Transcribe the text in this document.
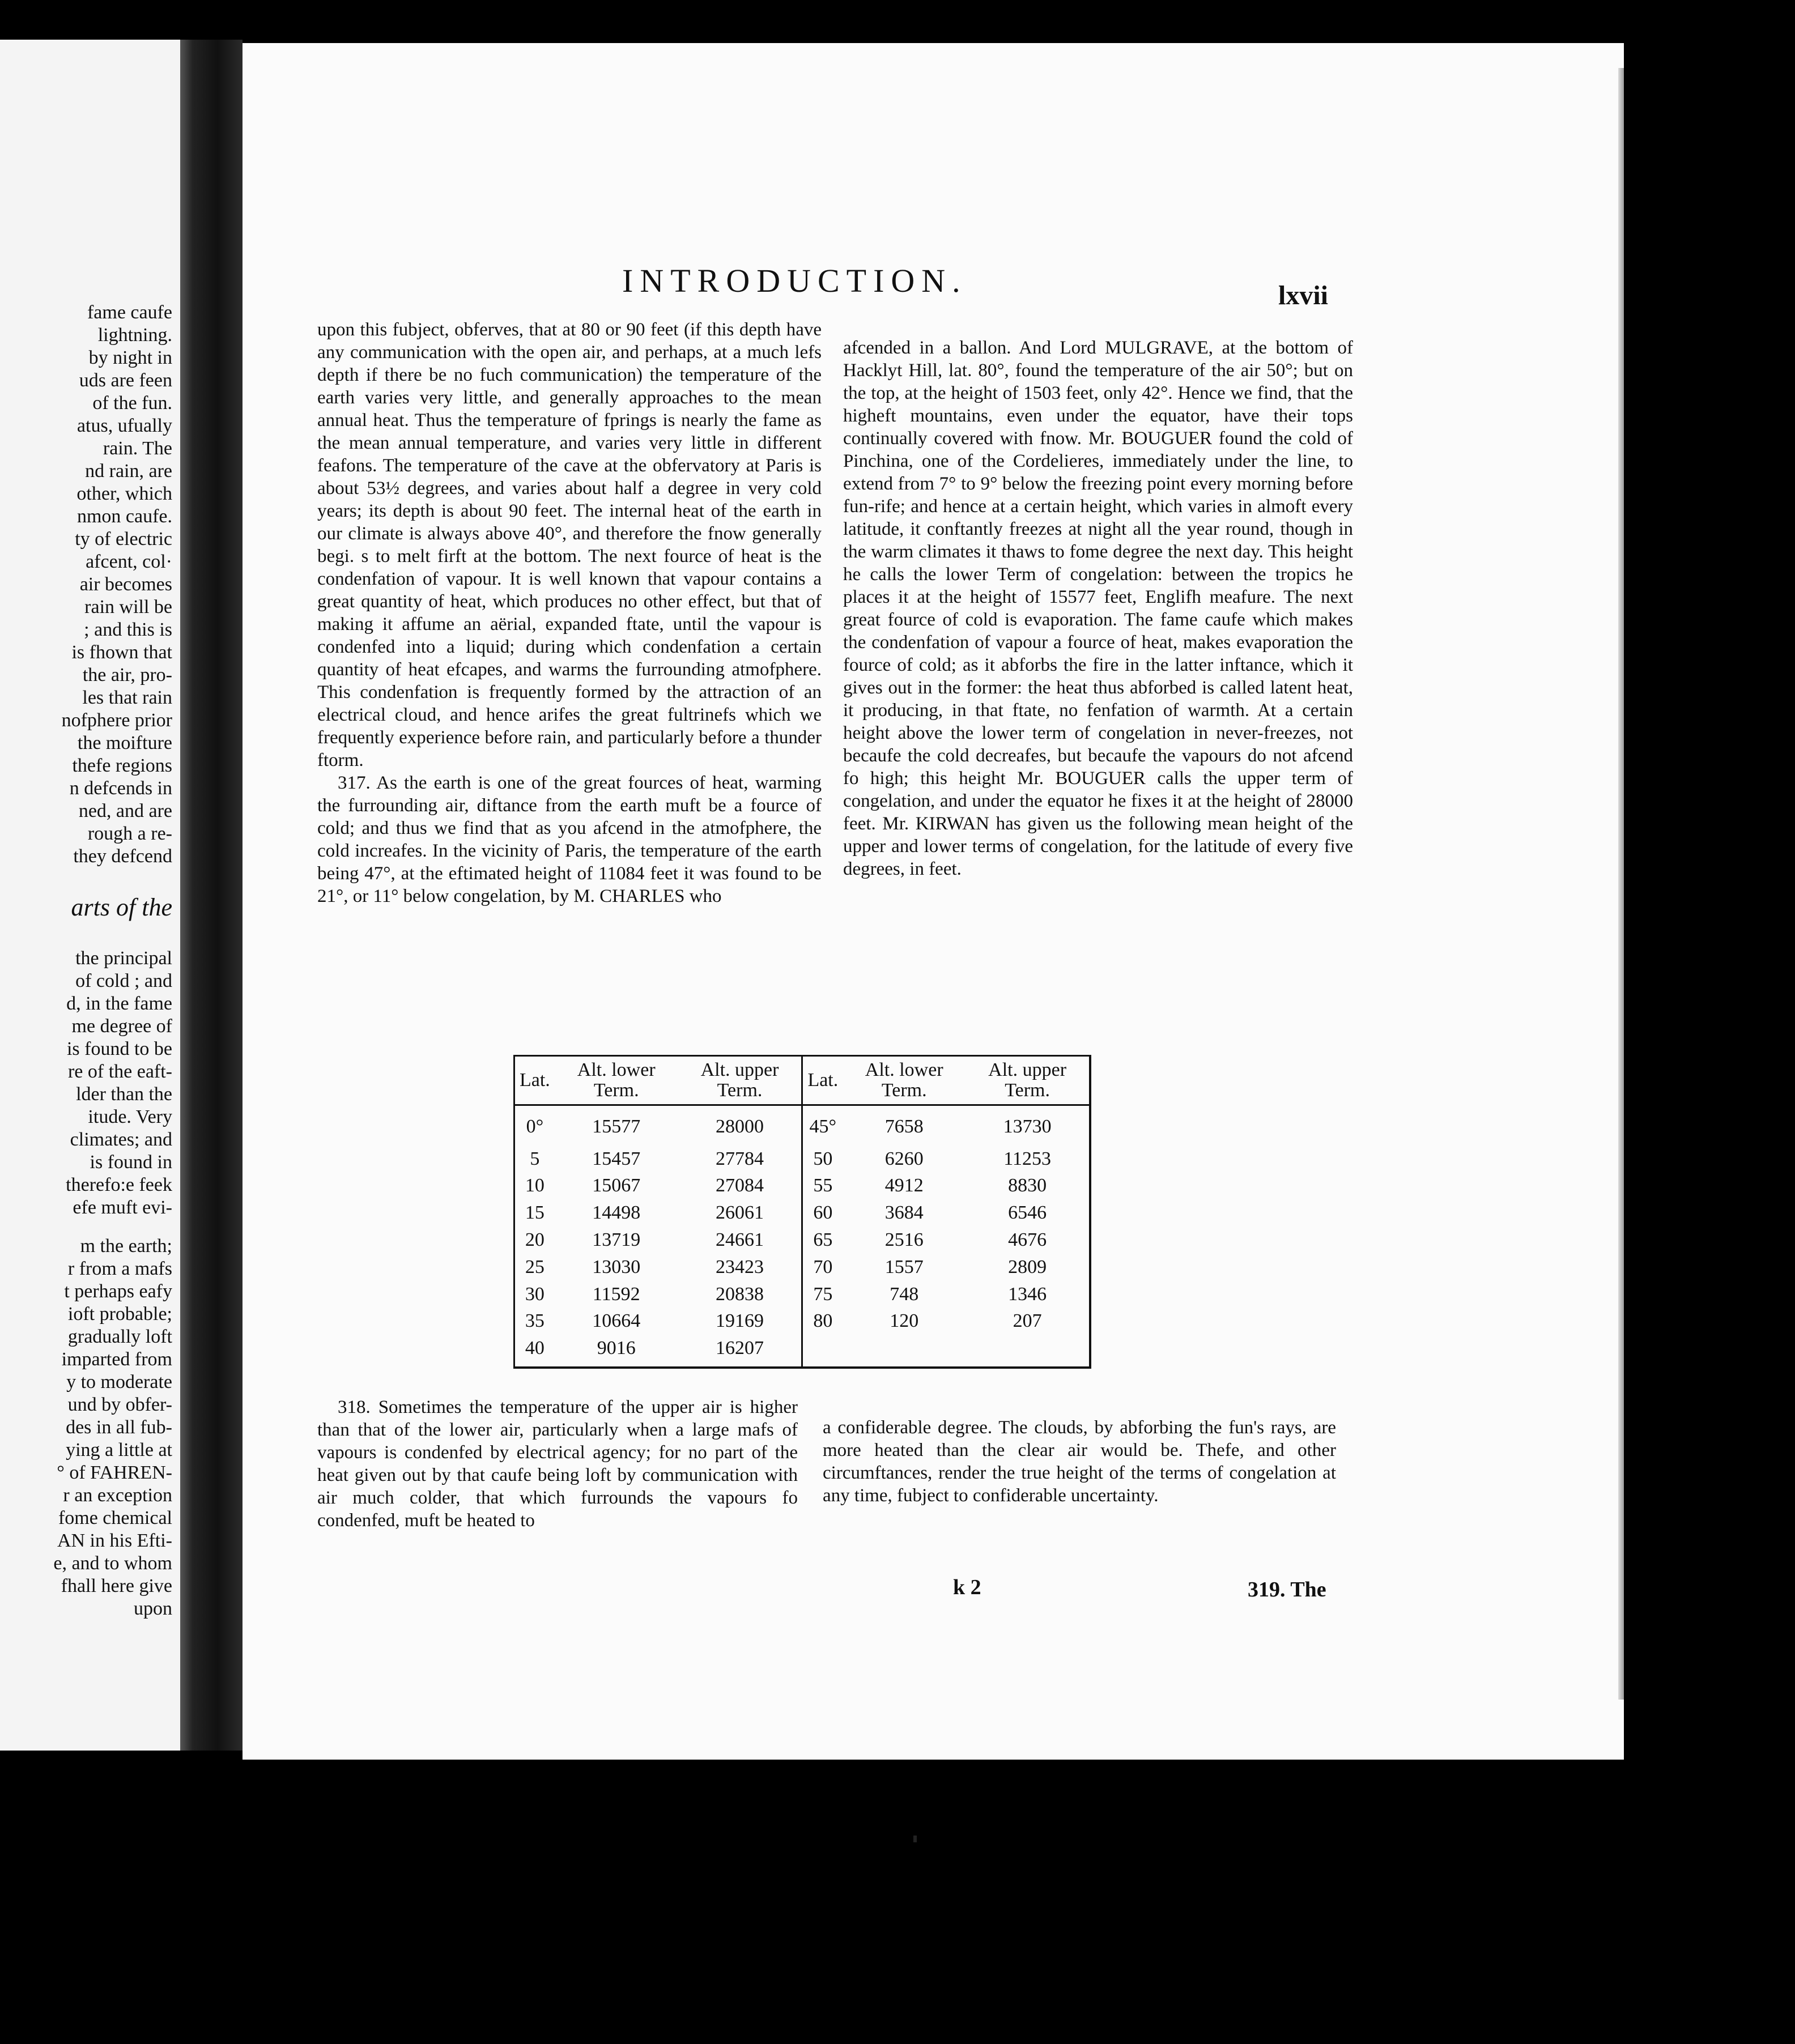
fame caufe
lightning.
by night in
uds are feen
of the fun.
atus, ufually
rain. The
nd rain, are
other, which
nmon caufe.
ty of electric
afcent, col·
air becomes
rain will be
; and this is
is fhown that
the air, pro-
les that rain
nofphere prior
the moifture
thefe regions
n defcends in
ned, and are
rough a re-
they defcend
arts of the
the principal
of cold ; and
d, in the fame
me degree of
is found to be
re of the eaft-
lder than the
itude. Very
climates; and
is found in
therefo:e feek
efe muft evi-
m the earth;
r from a mafs
t perhaps eafy
ioft probable;
gradually loft
imparted from
y to moderate
und by obfer-
des in all fub-
ying a little at
° of FAHREN-
r an exception
fome chemical
AN in his Efti-
e, and to whom
fhall here give
upon
INTRODUCTION.	lxvii

upon this fubject, obferves, that at 80 or 90 feet (if this depth have any communication with the open air, and perhaps, at a much lefs depth if there be no fuch communication) the temperature of the earth varies very little, and generally approaches to the mean annual heat. Thus the temperature of fprings is nearly the fame as the mean annual temperature, and varies very little in different feafons. The temperature of the cave at the obfervatory at Paris is about 53½ degrees, and varies about half a degree in very cold years; its depth is about 90 feet. The internal heat of the earth in our climate is always above 40°, and therefore the fnow generally begi. s to melt firft at the bottom. The next fource of heat is the condenfation of vapour. It is well known that vapour contains a great quantity of heat, which produces no other effect, but that of making it affume an aërial, expanded ftate, until the vapour is condenfed into a liquid; during which condenfation a certain quantity of heat efcapes, and warms the furrounding atmofphere. This condenfation is frequently formed by the attraction of an electrical cloud, and hence arifes the great fultrinefs which we frequently experience before rain, and particularly before a thunder ftorm.

317. As the earth is one of the great fources of heat, warming the furrounding air, diftance from the earth muft be a fource of cold; and thus we find that as you afcend in the atmofphere, the cold increafes. In the vicinity of Paris, the temperature of the earth being 47°, at the eftimated height of 11084 feet it was found to be 21°, or 11° below congelation, by M. CHARLES who

afcended in a ballon. And Lord MULGRAVE, at the bottom of Hacklyt Hill, lat. 80°, found the temperature of the air 50°; but on the top, at the height of 1503 feet, only 42°. Hence we find, that the higheft mountains, even under the equator, have their tops continually covered with fnow. Mr. BOUGUER found the cold of Pinchina, one of the Cordelieres, immediately under the line, to extend from 7° to 9° below the freezing point every morning before fun-rife; and hence at a certain height, which varies in almoft every latitude, it conftantly freezes at night all the year round, though in the warm climates it thaws to fome degree the next day. This height he calls the lower Term of congelation: between the tropics he places it at the height of 15577 feet, Englifh meafure. The next great fource of cold is evaporation. The fame caufe which makes the condenfation of vapour a fource of heat, makes evaporation the fource of cold; as it abforbs the fire in the latter inftance, which it gives out in the former: the heat thus abforbed is called latent heat, it producing, in that ftate, no fenfation of warmth. At a certain height above the lower term of congelation in never-freezes, not becaufe the cold decreafes, but becaufe the vapours do not afcend fo high; this height Mr. BOUGUER calls the upper term of congelation, and under the equator he fixes it at the height of 28000 feet. Mr. KIRWAN has given us the following mean height of the upper and lower terms of congelation, for the latitude of every five degrees, in feet.

Lat.	Alt. lower Term.	Alt. upper Term.	Lat.	Alt. lower Term.	Alt. upper Term.
0°	15577	28000	45°	7658	13730
5	15457	27784	50	6260	11253
10	15067	27084	55	4912	8830
15	14498	26061	60	3684	6546
20	13719	24661	65	2516	4676
25	13030	23423	70	1557	2809
30	11592	20838	75	748	1346
35	10664	19169	80	120	207
40	9016	16207			

318. Sometimes the temperature of the upper air is higher than that of the lower air, particularly when a large mafs of vapours is condenfed by electrical agency; for no part of the heat given out by that caufe being loft by communication with air much colder, that which furrounds the vapours fo condenfed, muft be heated to

a confiderable degree. The clouds, by abforbing the fun's rays, are more heated than the clear air would be. Thefe, and other circumftances, render the true height of the terms of congelation at any time, fubject to confiderable uncertainty.

k 2	319. The
